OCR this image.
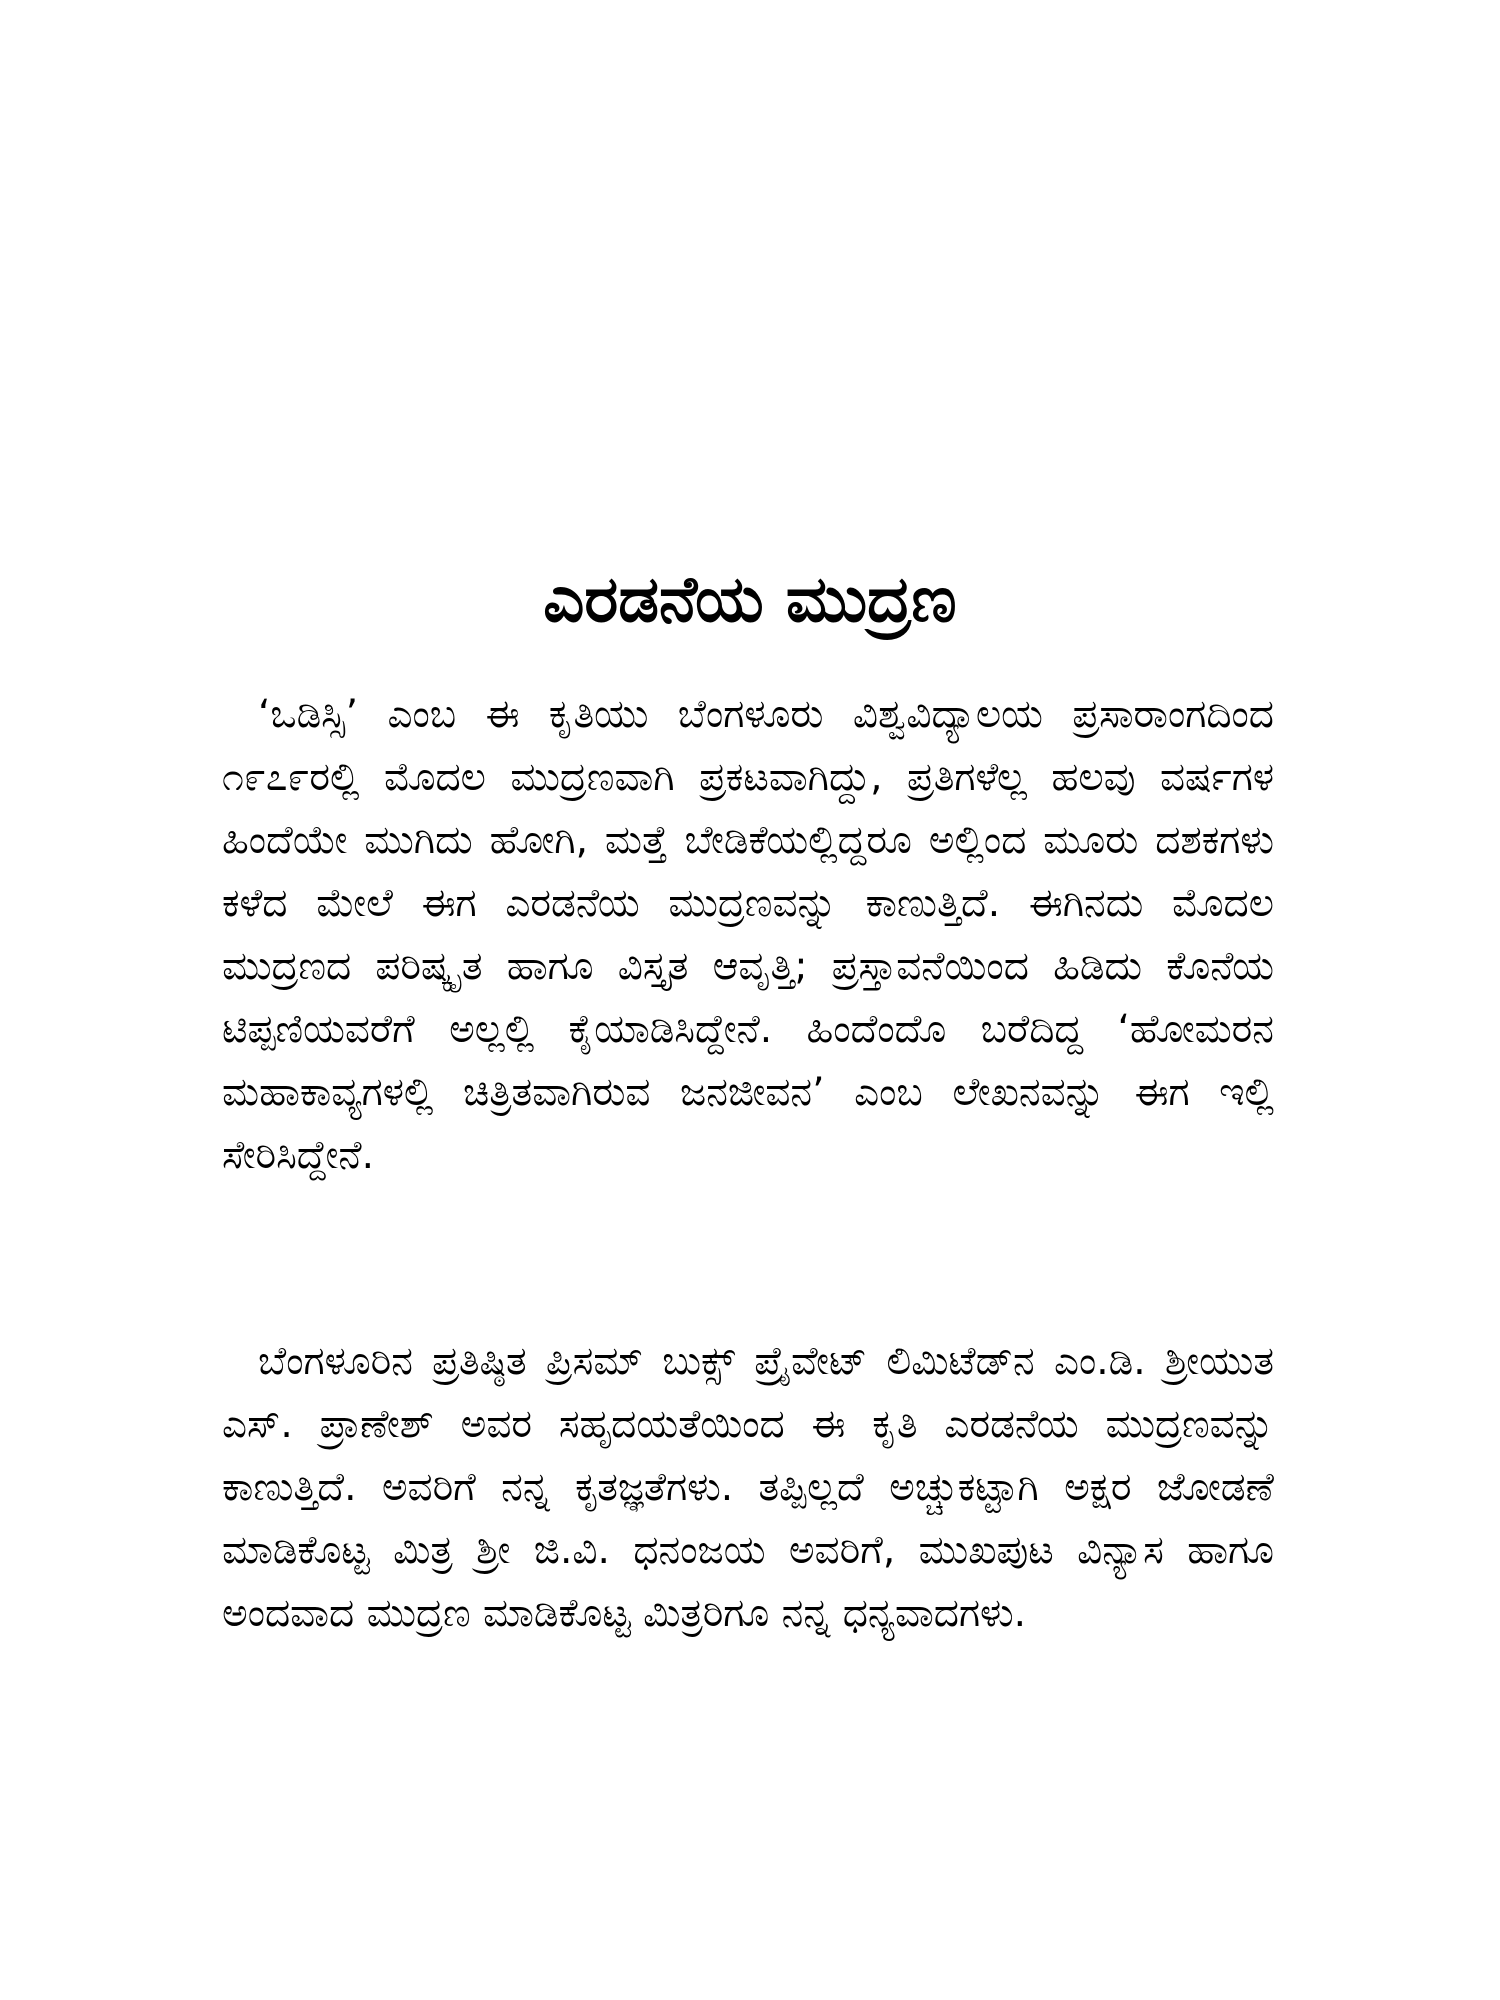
ಎರಡನೆಯ ಮುದ್ರಣ

‘ಒಡಿಸ್ಸಿ’ ಎಂಬ ಈ ಕೃತಿಯು ಬೆಂಗಳೂರು ವಿಶ್ವವಿದ್ಯಾಲಯ ಪ್ರಸಾರಾಂಗದಿಂದ ೧೯೭೯ರಲ್ಲಿ ಮೊದಲ ಮುದ್ರಣವಾಗಿ ಪ್ರಕಟವಾಗಿದ್ದು, ಪ್ರತಿಗಳೆಲ್ಲ ಹಲವು ವರ್ಷಗಳ ಹಿಂದೆಯೇ ಮುಗಿದು ಹೋಗಿ, ಮತ್ತೆ ಬೇಡಿಕೆಯಲ್ಲಿದ್ದರೂ ಅಲ್ಲಿಂದ ಮೂರು ದಶಕಗಳು ಕಳೆದ ಮೇಲೆ ಈಗ ಎರಡನೆಯ ಮುದ್ರಣವನ್ನು ಕಾಣುತ್ತಿದೆ. ಈಗಿನದು ಮೊದಲ ಮುದ್ರಣದ ಪರಿಷ್ಕೃತ ಹಾಗೂ ವಿಸ್ತೃತ ಆವೃತ್ತಿ; ಪ್ರಸ್ತಾವನೆಯಿಂದ ಹಿಡಿದು ಕೊನೆಯ ಟಿಪ್ಪಣಿಯವರೆಗೆ ಅಲ್ಲಲ್ಲಿ ಕೈಯಾಡಿಸಿದ್ದೇನೆ. ಹಿಂದೆಂದೊ ಬರೆದಿದ್ದ ‘ಹೋಮರನ ಮಹಾಕಾವ್ಯಗಳಲ್ಲಿ ಚಿತ್ರಿತವಾಗಿರುವ ಜನಜೀವನ’ ಎಂಬ ಲೇಖನವನ್ನು ಈಗ ಇಲ್ಲಿ ಸೇರಿಸಿದ್ದೇನೆ.

ಬೆಂಗಳೂರಿನ ಪ್ರತಿಷ್ಠಿತ ಪ್ರಿಸಮ್ ಬುಕ್ಸ್ ಪ್ರೈವೇಟ್ ಲಿಮಿಟೆಡ್‌ನ ಎಂ.ಡಿ. ಶ್ರೀಯುತ ಎಸ್. ಪ್ರಾಣೇಶ್ ಅವರ ಸಹೃದಯತೆಯಿಂದ ಈ ಕೃತಿ ಎರಡನೆಯ ಮುದ್ರಣವನ್ನು ಕಾಣುತ್ತಿದೆ. ಅವರಿಗೆ ನನ್ನ ಕೃತಜ್ಞತೆಗಳು. ತಪ್ಪಿಲ್ಲದೆ ಅಚ್ಚುಕಟ್ಟಾಗಿ ಅಕ್ಷರ ಜೋಡಣೆ ಮಾಡಿಕೊಟ್ಟ ಮಿತ್ರ ಶ್ರೀ ಜಿ.ವಿ. ಧನಂಜಯ ಅವರಿಗೆ, ಮುಖಪುಟ ವಿನ್ಯಾಸ ಹಾಗೂ ಅಂದವಾದ ಮುದ್ರಣ ಮಾಡಿಕೊಟ್ಟ ಮಿತ್ರರಿಗೂ ನನ್ನ ಧನ್ಯವಾದಗಳು.
